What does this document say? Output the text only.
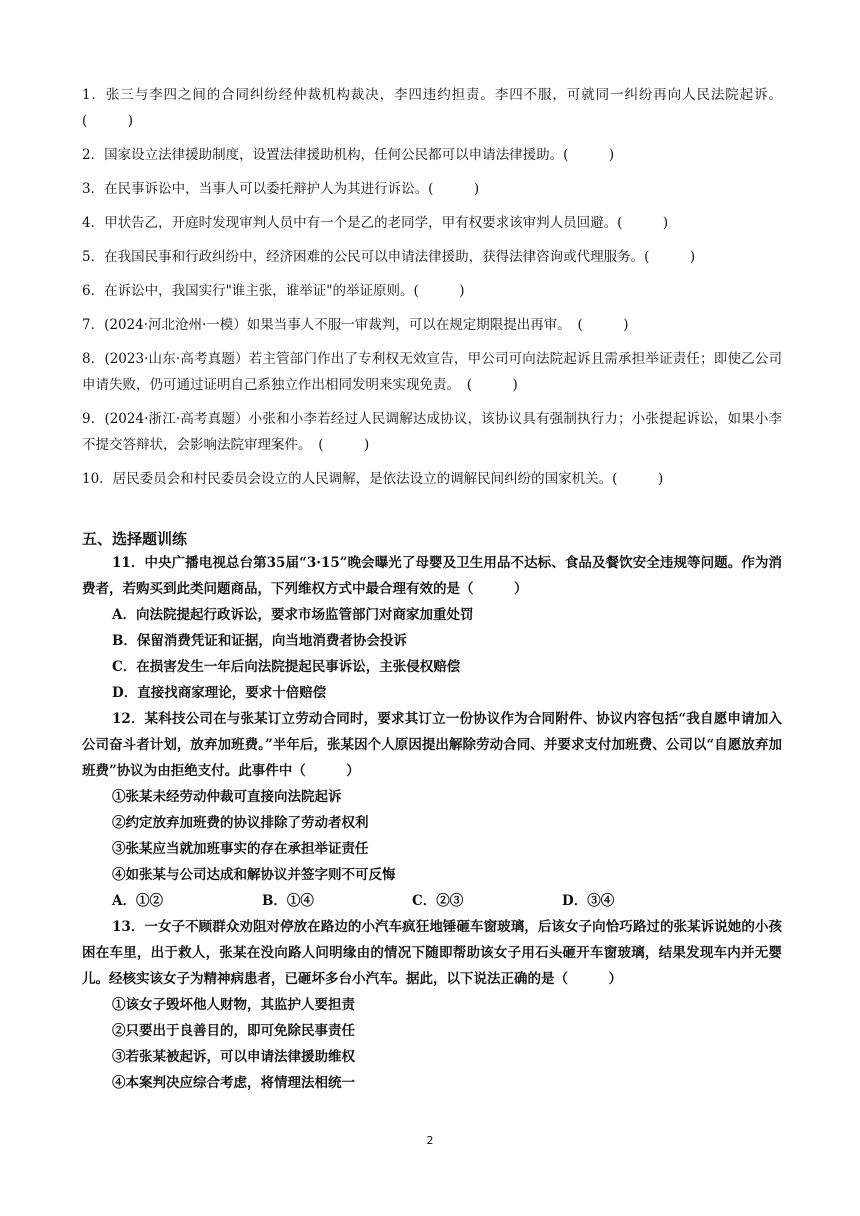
1．张三与李四之间的合同纠纷经仲裁机构裁决，李四违约担责。李四不服，可就同一纠纷再向人民法院起诉。(　　　)

2．国家设立法律援助制度，设置法律援助机构，任何公民都可以申请法律援助。(　　　)

3．在民事诉讼中，当事人可以委托辩护人为其进行诉讼。(　　　)

4．甲状告乙，开庭时发现审判人员中有一个是乙的老同学，甲有权要求该审判人员回避。(　　　)

5．在我国民事和行政纠纷中，经济困难的公民可以申请法律援助，获得法律咨询或代理服务。(　　　)

6．在诉讼中，我国实行"谁主张，谁举证"的举证原则。(　　　)

7．(2024·河北沧州·一模）如果当事人不服一审裁判，可以在规定期限提出再审。　(　　　)

8．(2023·山东·高考真题）若主管部门作出了专利权无效宣告，甲公司可向法院起诉且需承担举证责任；即使乙公司申请失败，仍可通过证明自己系独立作出相同发明来实现免责。　(　　　)

9．(2024·浙江·高考真题）小张和小李若经过人民调解达成协议，该协议具有强制执行力；小张提起诉讼，如果小李不提交答辩状，会影响法院审理案件。　(　　　)

10．居民委员会和村民委员会设立的人民调解，是依法设立的调解民间纠纷的国家机关。(　　　)

五、选择题训练

11．中央广播电视总台第35届“3·15”晚会曝光了母婴及卫生用品不达标、食品及餐饮安全违规等问题。作为消费者，若购买到此类问题商品，下列维权方式中最合理有效的是（　　　）

A．向法院提起行政诉讼，要求市场监管部门对商家加重处罚
B．保留消费凭证和证据，向当地消费者协会投诉
C．在损害发生一年后向法院提起民事诉讼，主张侵权赔偿
D．直接找商家理论，要求十倍赔偿

12．某科技公司在与张某订立劳动合同时，要求其订立一份协议作为合同附件、协议内容包括“我自愿申请加入公司奋斗者计划，放弃加班费。”半年后，张某因个人原因提出解除劳动合同、并要求支付加班费、公司以“自愿放弃加班费”协议为由拒绝支付。此事件中（　　　）

①张某未经劳动仲裁可直接向法院起诉
②约定放弃加班费的协议排除了劳动者权利
③张某应当就加班事实的存在承担举证责任
④如张某与公司达成和解协议并签字则不可反悔
A．①②	B．①④	C．②③	D．③④

13．一女子不顾群众劝阻对停放在路边的小汽车疯狂地锤砸车窗玻璃，后该女子向恰巧路过的张某诉说她的小孩困在车里，出于救人，张某在没向路人问明缘由的情况下随即帮助该女子用石头砸开车窗玻璃，结果发现车内并无婴儿。经核实该女子为精神病患者，已砸坏多台小汽车。据此，以下说法正确的是（　　　）

①该女子毁坏他人财物，其监护人要担责
②只要出于良善目的，即可免除民事责任
③若张某被起诉，可以申请法律援助维权
④本案判决应综合考虑，将情理法相统一
2
